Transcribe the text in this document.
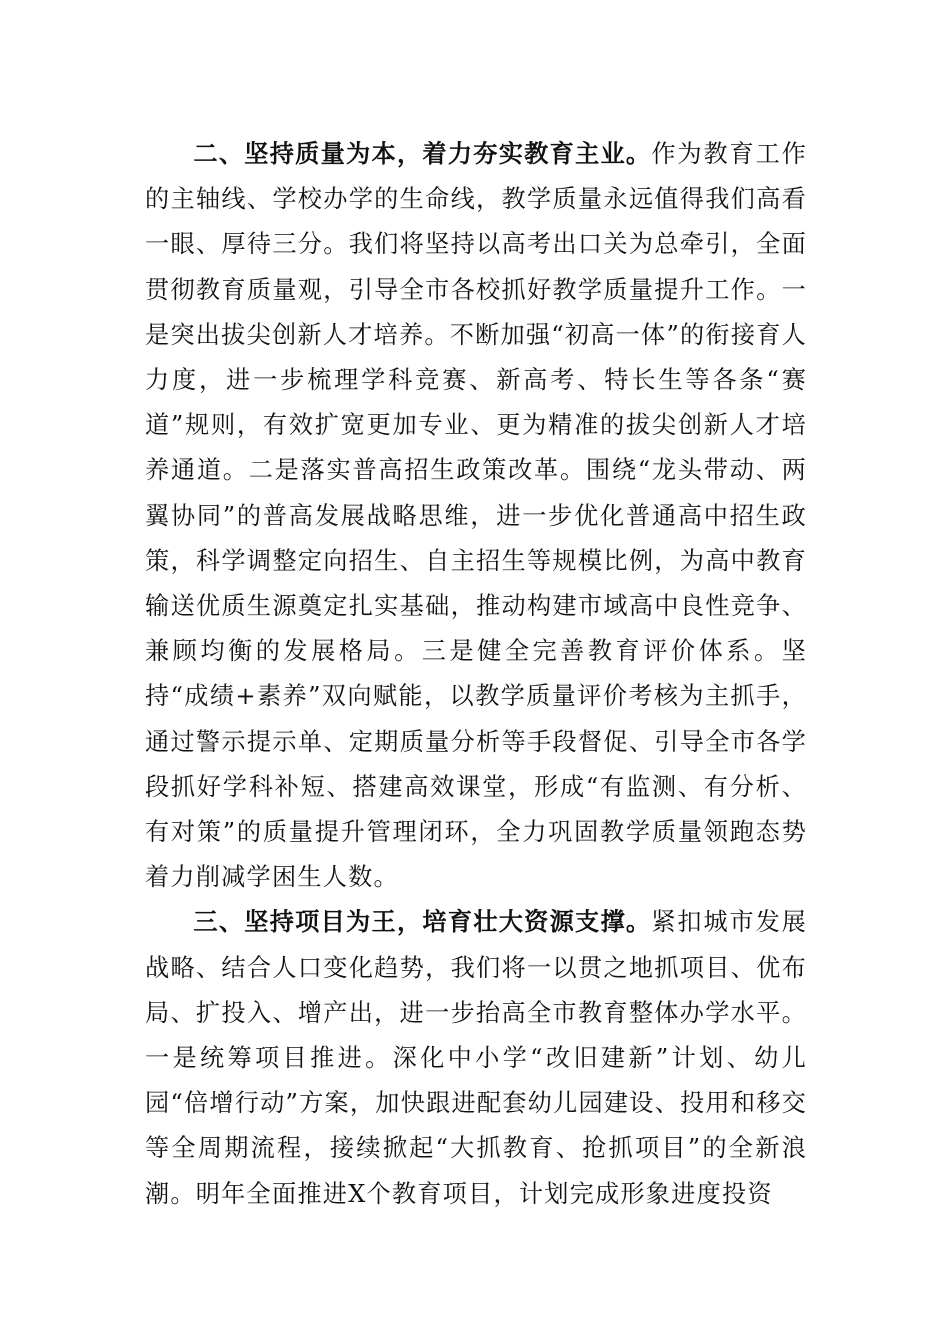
二、坚持质量为本，着力夯实教育主业。作为教育工作的主轴线、学校办学的生命线，教学质量永远值得我们高看一眼、厚待三分。我们将坚持以高考出口关为总牵引，全面贯彻教育质量观，引导全市各校抓好教学质量提升工作。一是突出拔尖创新人才培养。不断加强“初高一体”的衔接育人力度，进一步梳理学科竞赛、新高考、特长生等各条“赛道”规则，有效扩宽更加专业、更为精准的拔尖创新人才培养通道。二是落实普高招生政策改革。围绕“龙头带动、两翼协同”的普高发展战略思维，进一步优化普通高中招生政策，科学调整定向招生、自主招生等规模比例，为高中教育输送优质生源奠定扎实基础，推动构建市域高中良性竞争、兼顾均衡的发展格局。三是健全完善教育评价体系。坚持“成绩+素养”双向赋能，以教学质量评价考核为主抓手，通过警示提示单、定期质量分析等手段督促、引导全市各学段抓好学科补短、搭建高效课堂，形成“有监测、有分析、有对策”的质量提升管理闭环，全力巩固教学质量领跑态势着力削减学困生人数。

三、坚持项目为王，培育壮大资源支撑。紧扣城市发展战略、结合人口变化趋势，我们将一以贯之地抓项目、优布局、扩投入、增产出，进一步抬高全市教育整体办学水平。一是统筹项目推进。深化中小学“改旧建新”计划、幼儿园“倍增行动”方案，加快跟进配套幼儿园建设、投用和移交等全周期流程，接续掀起“大抓教育、抢抓项目”的全新浪潮。明年全面推进X个教育项目，计划完成形象进度投资
